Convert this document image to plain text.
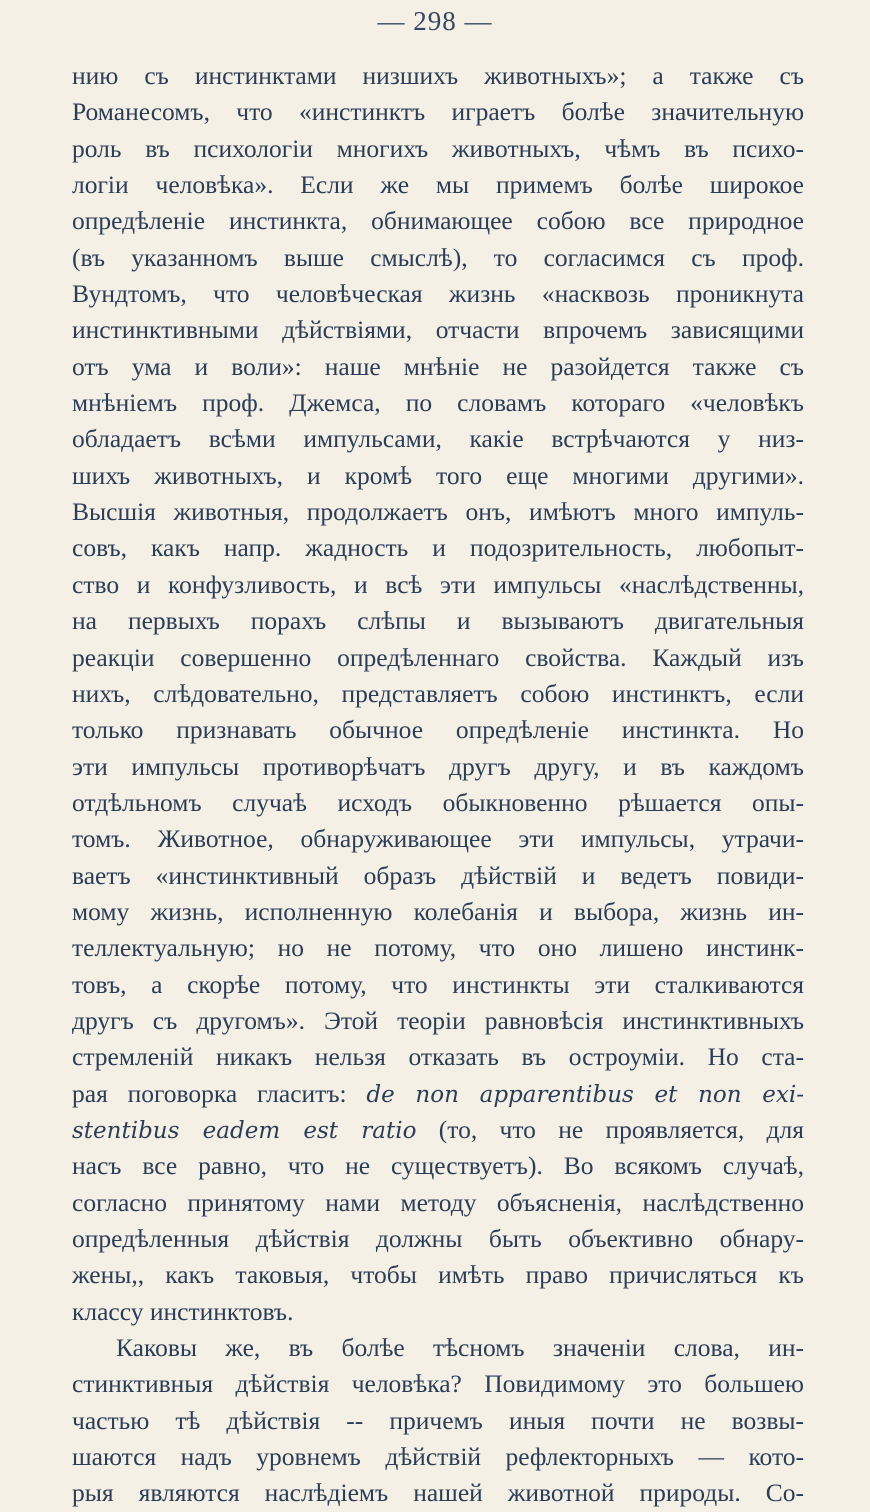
— 298 —
нию съ инстинктами низшихъ животныхъ»; а также съ
Романесомъ, что «инстинктъ играетъ болѣе значительную
роль въ психологіи многихъ животныхъ, чѣмъ въ психо-
логіи человѣка». Если же мы примемъ болѣе широкое
опредѣленіе инстинкта, обнимающее собою все природное
(въ указанномъ выше смыслѣ), то согласимся съ проф.
Вундтомъ, что человѣческая жизнь «насквозь проникнута
инстинктивными дѣйствіями, отчасти впрочемъ зависящими
отъ ума и воли»: наше мнѣніе не разойдется также съ
мнѣніемъ проф. Джемса, по словамъ котораго «человѣкъ
обладаетъ всѣми импульсами, какіе встрѣчаются у низ-
шихъ животныхъ, и кромѣ того еще многими другими».
Высшія животныя, продолжаетъ онъ, имѣютъ много импуль-
совъ, какъ напр. жадность и подозрительность, любопыт-
ство и конфузливость, и всѣ эти импульсы «наслѣдственны,
на первыхъ порахъ слѣпы и вызываютъ двигательныя
реакціи совершенно опредѣленнаго свойства. Каждый изъ
нихъ, слѣдовательно, представляетъ собою инстинктъ, если
только признавать обычное опредѣленіе инстинкта. Но
эти импульсы противорѣчатъ другъ другу, и въ каждомъ
отдѣльномъ случаѣ исходъ обыкновенно рѣшается опы-
томъ. Животное, обнаруживающее эти импульсы, утрачи-
ваетъ «инстинктивный образъ дѣйствій и ведетъ повиди-
мому жизнь, исполненную колебанія и выбора, жизнь ин-
теллектуальную; но не потому, что оно лишено инстинк-
товъ, а скорѣе потому, что инстинкты эти сталкиваются
другъ съ другомъ». Этой теоріи равновѣсія инстинктивныхъ
стремленій никакъ нельзя отказать въ остроуміи. Но ста-
рая поговорка гласитъ: de non apparentibus et non exi-
stentibus eadem est ratio (то, что не проявляется, для
насъ все равно, что не существуетъ). Во всякомъ случаѣ,
согласно принятому нами методу объясненія, наслѣдственно
опредѣленныя дѣйствія должны быть объективно обнару-
жены,, какъ таковыя, чтобы имѣть право причисляться къ
классу инстинктовъ.
Каковы же, въ болѣе тѣсномъ значеніи слова, ин-
стинктивныя дѣйствія человѣка? Повидимому это большею
частью тѣ дѣйствія -- причемъ иныя почти не возвы-
шаются надъ уровнемъ дѣйствій рефлекторныхъ — кото-
рыя являются наслѣдіемъ нашей животной природы. Со-
